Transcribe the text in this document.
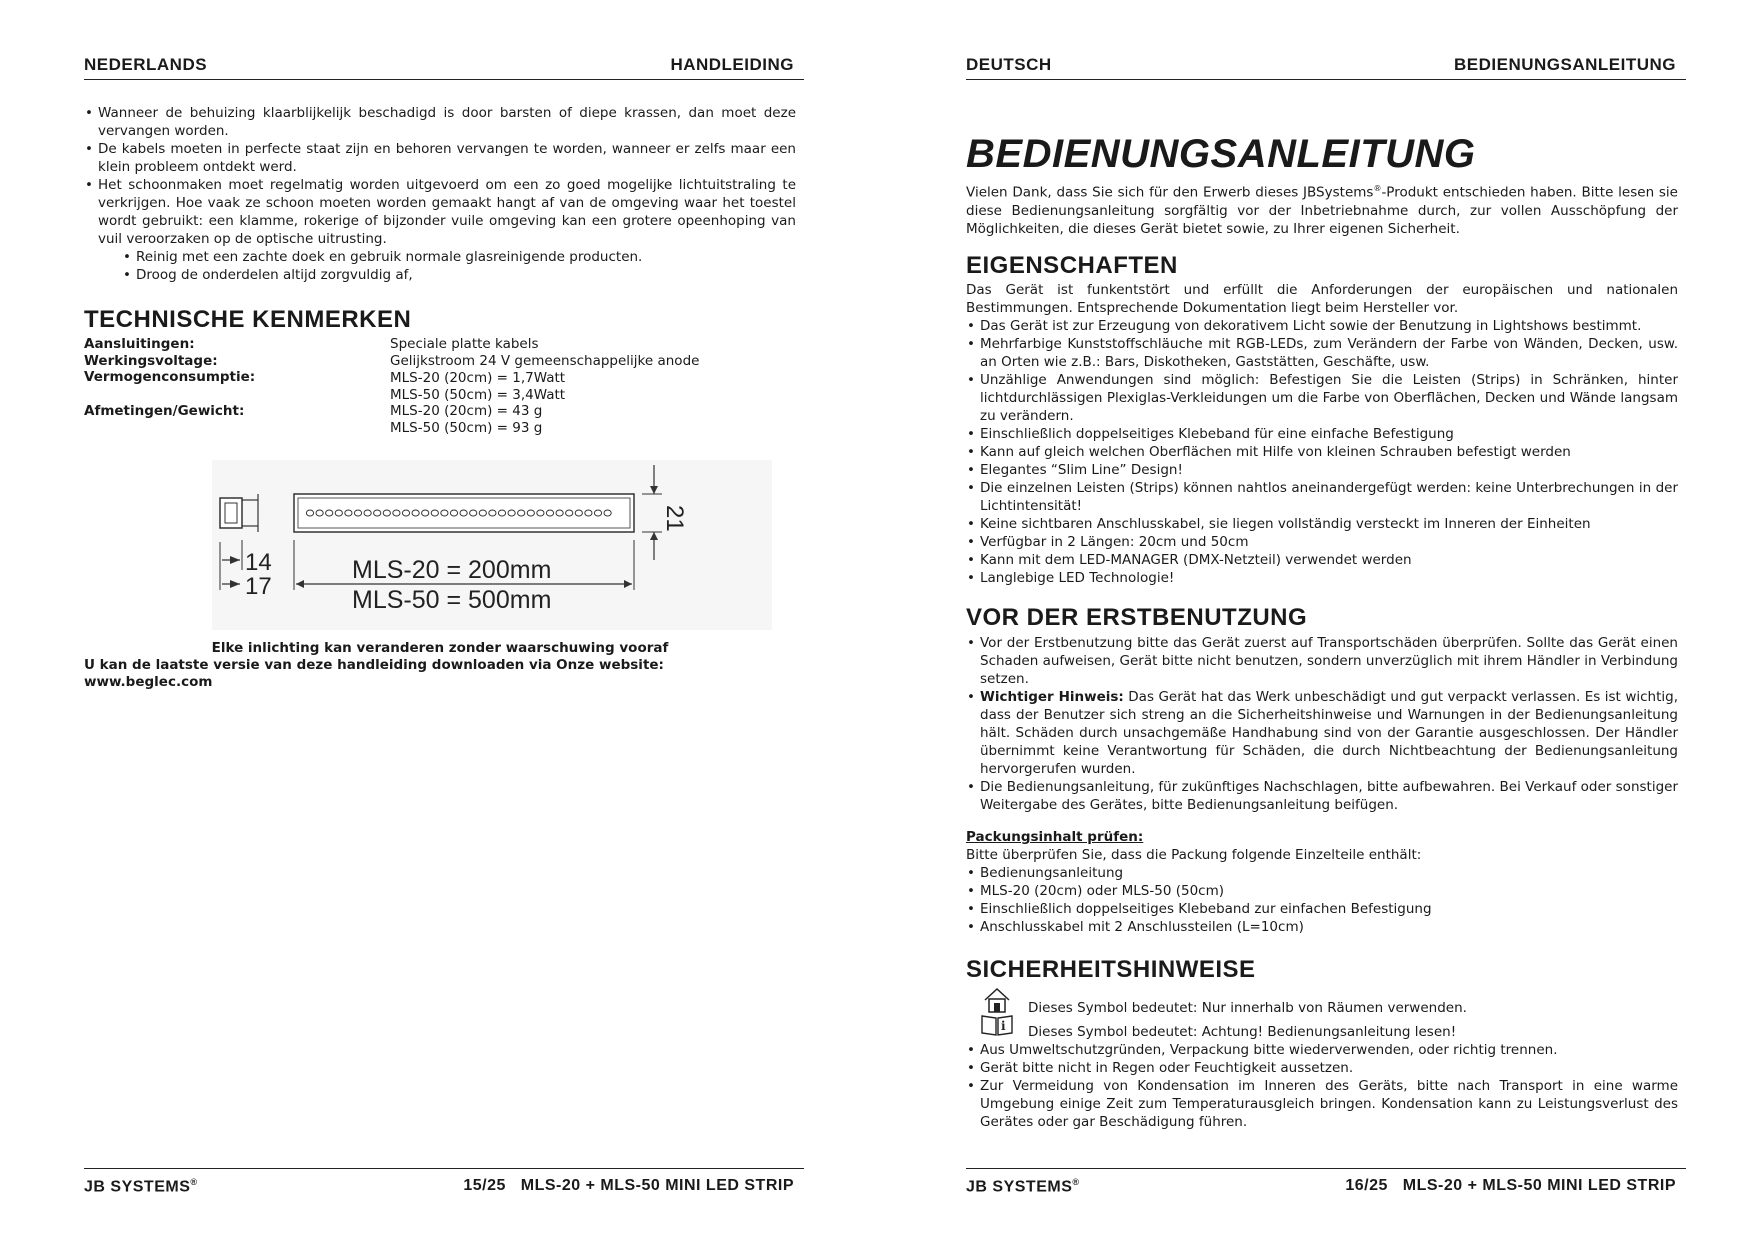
NEDERLANDS	HANDLEIDING
• Wanneer de behuizing klaarblijkelijk beschadigd is door barsten of diepe krassen, dan moet deze vervangen worden.
• De kabels moeten in perfecte staat zijn en behoren vervangen te worden, wanneer er zelfs maar een klein probleem ontdekt werd.
• Het schoonmaken moet regelmatig worden uitgevoerd om een zo goed mogelijke lichtuitstraling te verkrijgen. Hoe vaak ze schoon moeten worden gemaakt hangt af van de omgeving waar het toestel wordt gebruikt: een klamme, rokerige of bijzonder vuile omgeving kan een grotere opeenhoping van vuil veroorzaken op de optische uitrusting.
• Reinig met een zachte doek en gebruik normale glasreinigende producten.
• Droog de onderdelen altijd zorgvuldig af,
TECHNISCHE KENMERKEN
Aansluitingen:	Speciale platte kabels
Werkingsvoltage:	Gelijkstroom 24 V gemeenschappelijke anode
Vermogenconsumptie:	MLS-20 (20cm) = 1,7Watt
MLS-50 (50cm) = 3,4Watt
Afmetingen/Gewicht:	MLS-20 (20cm) = 43 g
MLS-50 (50cm) = 93 g
21
14
17
MLS-20 = 200mm
MLS-50 = 500mm
Elke inlichting kan veranderen zonder waarschuwing vooraf
U kan de laatste versie van deze handleiding downloaden via Onze website: www.beglec.com
JB SYSTEMS®	15/25 MLS-20 + MLS-50 MINI LED STRIP
DEUTSCH	BEDIENUNGSANLEITUNG
BEDIENUNGSANLEITUNG
Vielen Dank, dass Sie sich für den Erwerb dieses JBSystems®-Produkt entschieden haben. Bitte lesen sie diese Bedienungsanleitung sorgfältig vor der Inbetriebnahme durch, zur vollen Ausschöpfung der Möglichkeiten, die dieses Gerät bietet sowie, zu Ihrer eigenen Sicherheit.
EIGENSCHAFTEN
Das Gerät ist funkentstört und erfüllt die Anforderungen der europäischen und nationalen Bestimmungen. Entsprechende Dokumentation liegt beim Hersteller vor.
• Das Gerät ist zur Erzeugung von dekorativem Licht sowie der Benutzung in Lightshows bestimmt.
• Mehrfarbige Kunststoffschläuche mit RGB-LEDs, zum Verändern der Farbe von Wänden, Decken, usw. an Orten wie z.B.: Bars, Diskotheken, Gaststätten, Geschäfte, usw.
• Unzählige Anwendungen sind möglich: Befestigen Sie die Leisten (Strips) in Schränken, hinter lichtdurchlässigen Plexiglas-Verkleidungen um die Farbe von Oberflächen, Decken und Wände langsam zu verändern.
• Einschließlich doppelseitiges Klebeband für eine einfache Befestigung
• Kann auf gleich welchen Oberflächen mit Hilfe von kleinen Schrauben befestigt werden
• Elegantes “Slim Line” Design!
• Die einzelnen Leisten (Strips) können nahtlos aneinandergefügt werden: keine Unterbrechungen in der Lichtintensität!
• Keine sichtbaren Anschlusskabel, sie liegen vollständig versteckt im Inneren der Einheiten
• Verfügbar in 2 Längen: 20cm und 50cm
• Kann mit dem LED-MANAGER (DMX-Netzteil) verwendet werden
• Langlebige LED Technologie!
VOR DER ERSTBENUTZUNG
• Vor der Erstbenutzung bitte das Gerät zuerst auf Transportschäden überprüfen. Sollte das Gerät einen Schaden aufweisen, Gerät bitte nicht benutzen, sondern unverzüglich mit ihrem Händler in Verbindung setzen.
• Wichtiger Hinweis: Das Gerät hat das Werk unbeschädigt und gut verpackt verlassen. Es ist wichtig, dass der Benutzer sich streng an die Sicherheitshinweise und Warnungen in der Bedienungsanleitung hält. Schäden durch unsachgemäße Handhabung sind von der Garantie ausgeschlossen. Der Händler übernimmt keine Verantwortung für Schäden, die durch Nichtbeachtung der Bedienungsanleitung hervorgerufen wurden.
• Die Bedienungsanleitung, für zukünftiges Nachschlagen, bitte aufbewahren. Bei Verkauf oder sonstiger Weitergabe des Gerätes, bitte Bedienungsanleitung beifügen.
Packungsinhalt prüfen:
Bitte überprüfen Sie, dass die Packung folgende Einzelteile enthält:
• Bedienungsanleitung
• MLS-20 (20cm) oder MLS-50 (50cm)
• Einschließlich doppelseitiges Klebeband zur einfachen Befestigung
• Anschlusskabel mit 2 Anschlussteilen (L=10cm)
SICHERHEITSHINWEISE
Dieses Symbol bedeutet: Nur innerhalb von Räumen verwenden.
i Dieses Symbol bedeutet: Achtung! Bedienungsanleitung lesen!
• Aus Umweltschutzgründen, Verpackung bitte wiederverwenden, oder richtig trennen.
• Gerät bitte nicht in Regen oder Feuchtigkeit aussetzen.
• Zur Vermeidung von Kondensation im Inneren des Geräts, bitte nach Transport in eine warme Umgebung einige Zeit zum Temperaturausgleich bringen. Kondensation kann zu Leistungsverlust des Gerätes oder gar Beschädigung führen.
JB SYSTEMS®	16/25 MLS-20 + MLS-50 MINI LED STRIP
